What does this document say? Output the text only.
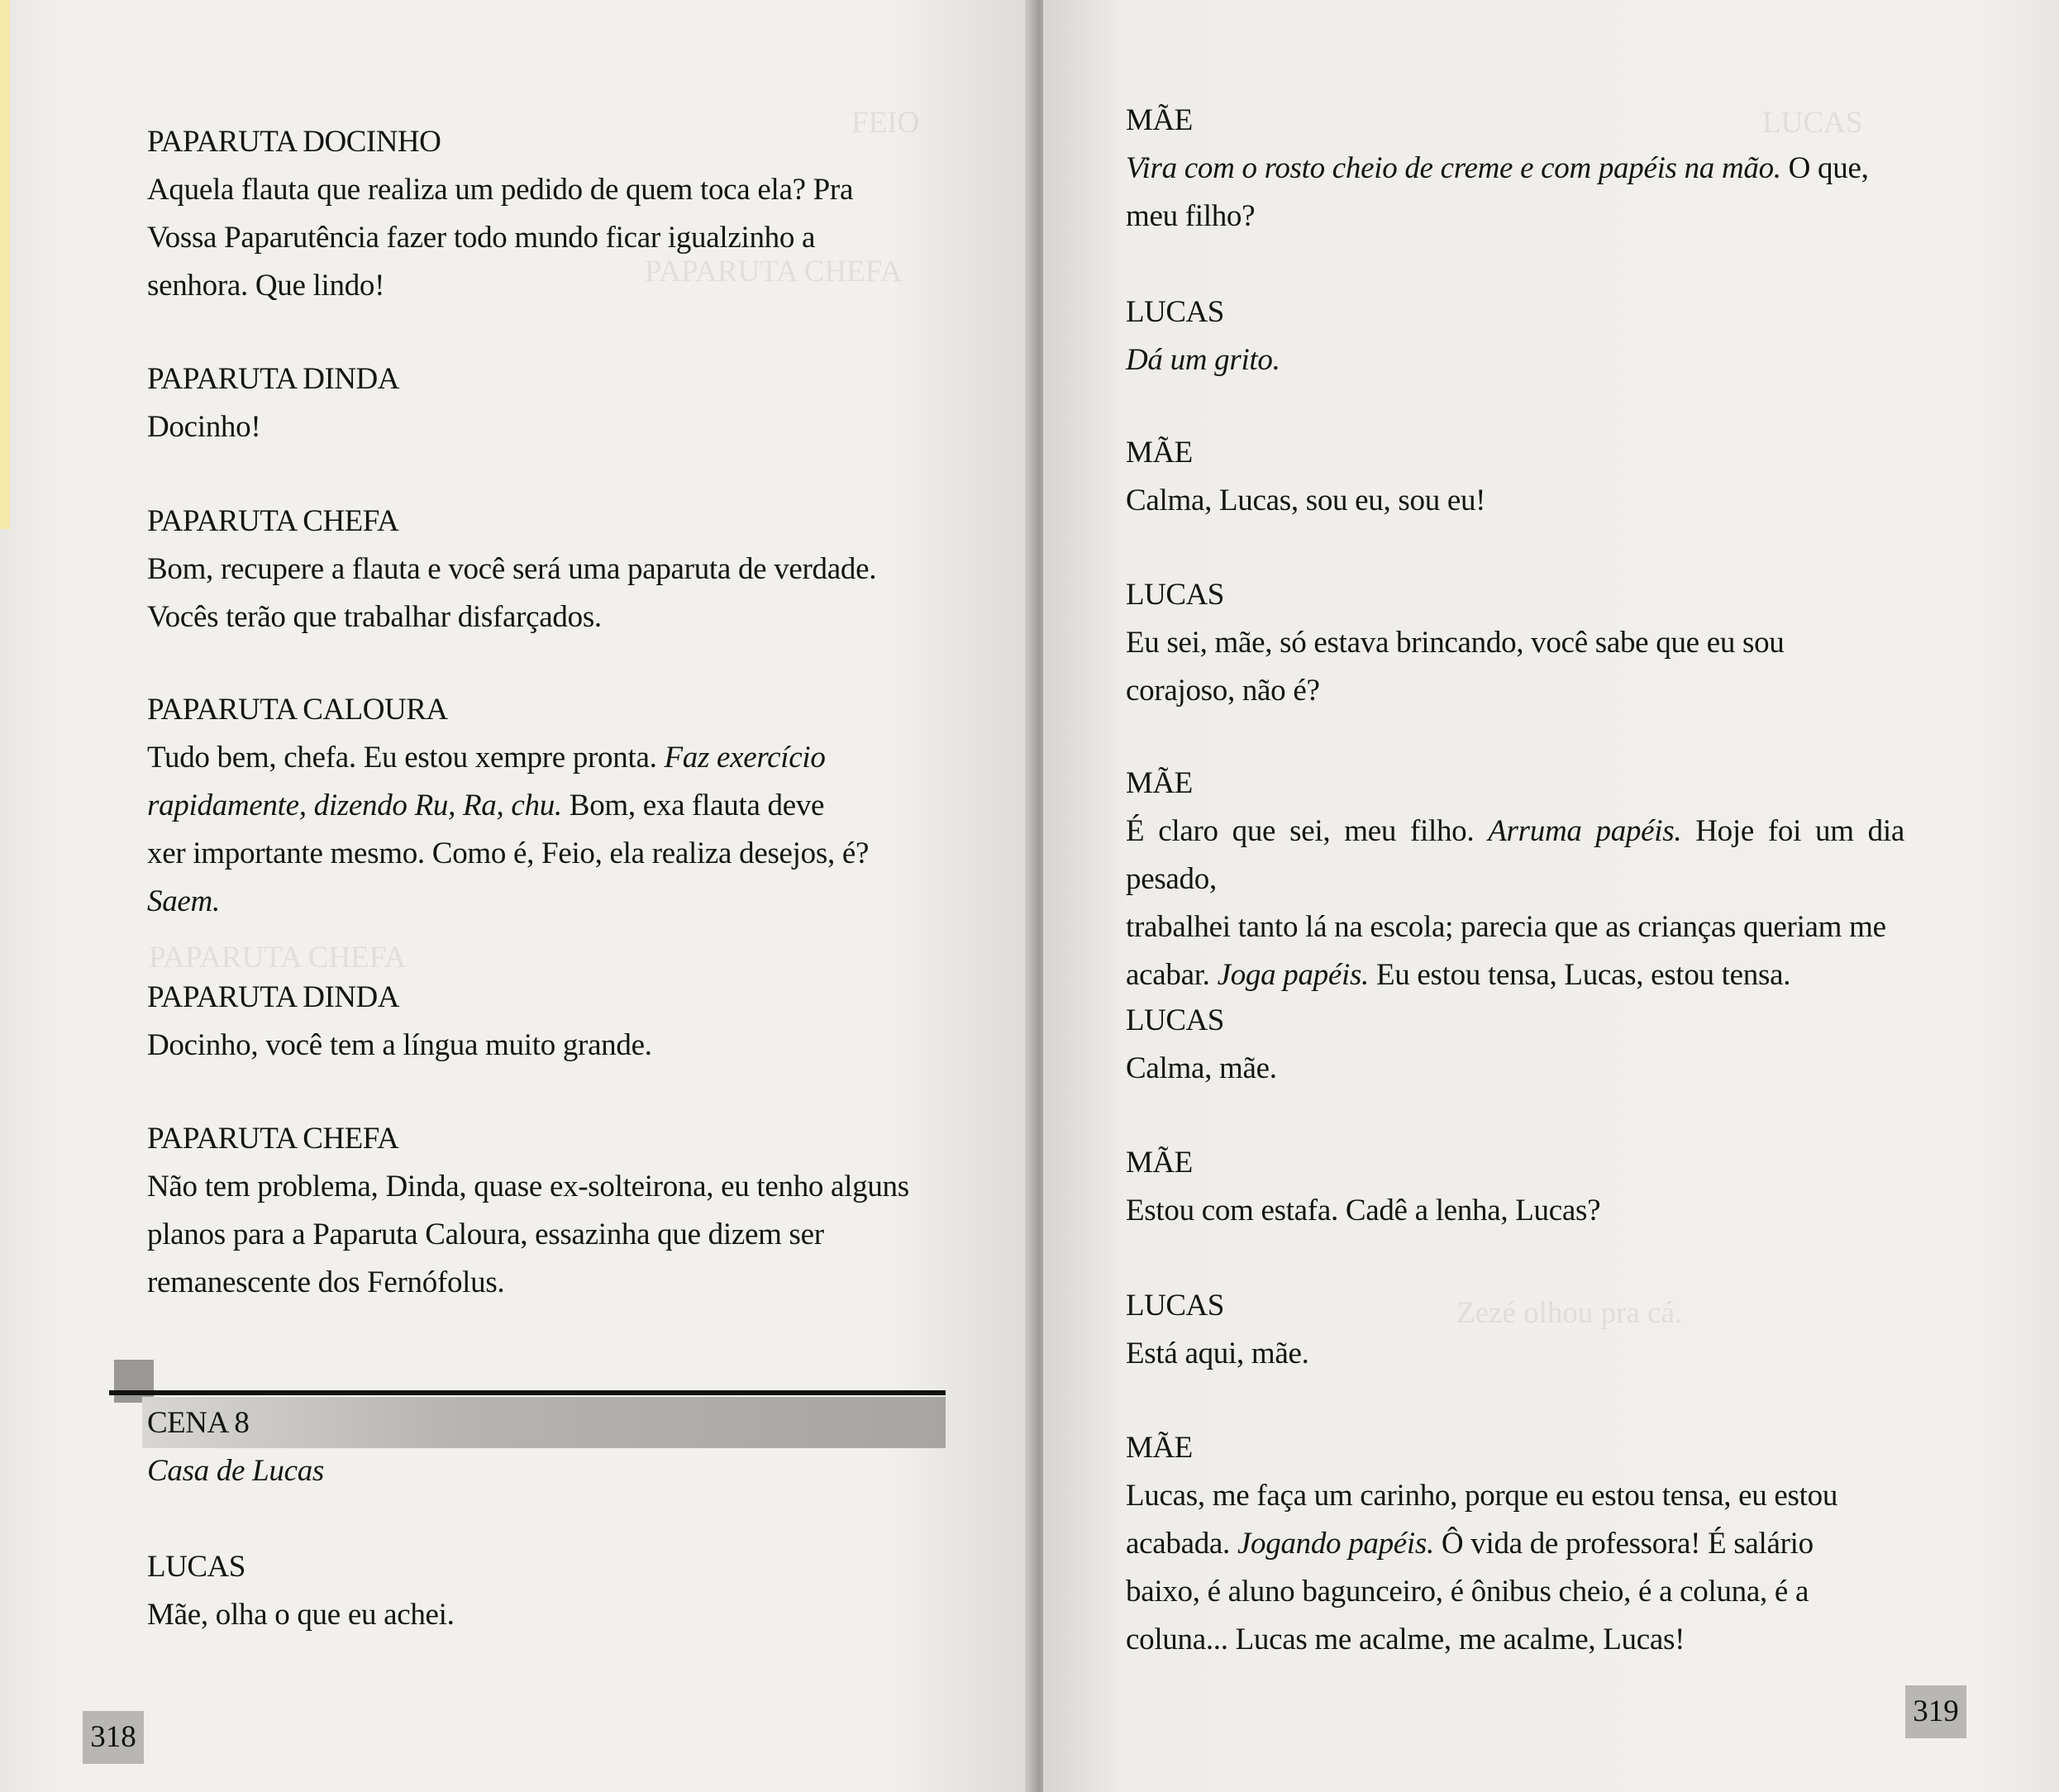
FEIO
PAPARUTA CHEFA
PAPARUTA CHEFA
PAPARUTA DOCINHO
Aquela flauta que realiza um pedido de quem toca ela? Pra
Vossa Paparutência fazer todo mundo ficar igualzinho a
senhora. Que lindo!
PAPARUTA DINDA
Docinho!
PAPARUTA CHEFA
Bom, recupere a flauta e você será uma paparuta de verdade.
Vocês terão que trabalhar disfarçados.
PAPARUTA CALOURA
Tudo bem, chefa. Eu estou xempre pronta. Faz exercício
rapidamente, dizendo Ru, Ra, chu. Bom, exa flauta deve
xer importante mesmo. Como é, Feio, ela realiza desejos, é?
Saem.
PAPARUTA DINDA
Docinho, você tem a língua muito grande.
PAPARUTA CHEFA
Não tem problema, Dinda, quase ex-solteirona, eu tenho alguns
planos para a Paparuta Caloura, essazinha que dizem ser
remanescente dos Fernófolus.
CENA 8
Casa de Lucas
LUCAS
Mãe, olha o que eu achei.
318
LUCAS
Zezé olhou pra cá.
MÃE
Vira com o rosto cheio de creme e com papéis na mão. O que,
meu filho?
LUCAS
Dá um grito.
MÃE
Calma, Lucas, sou eu, sou eu!
LUCAS
Eu sei, mãe, só estava brincando, você sabe que eu sou
corajoso, não é?
MÃE
É claro que sei, meu filho. Arruma papéis. Hoje foi um dia pesado,
trabalhei tanto lá na escola; parecia que as crianças queriam me
acabar. Joga papéis. Eu estou tensa, Lucas, estou tensa.
LUCAS
Calma, mãe.
MÃE
Estou com estafa. Cadê a lenha, Lucas?
LUCAS
Está aqui, mãe.
MÃE
Lucas, me faça um carinho, porque eu estou tensa, eu estou
acabada. Jogando papéis. Ô vida de professora! É salário
baixo, é aluno bagunceiro, é ônibus cheio, é a coluna, é a
coluna... Lucas me acalme, me acalme, Lucas!
319
